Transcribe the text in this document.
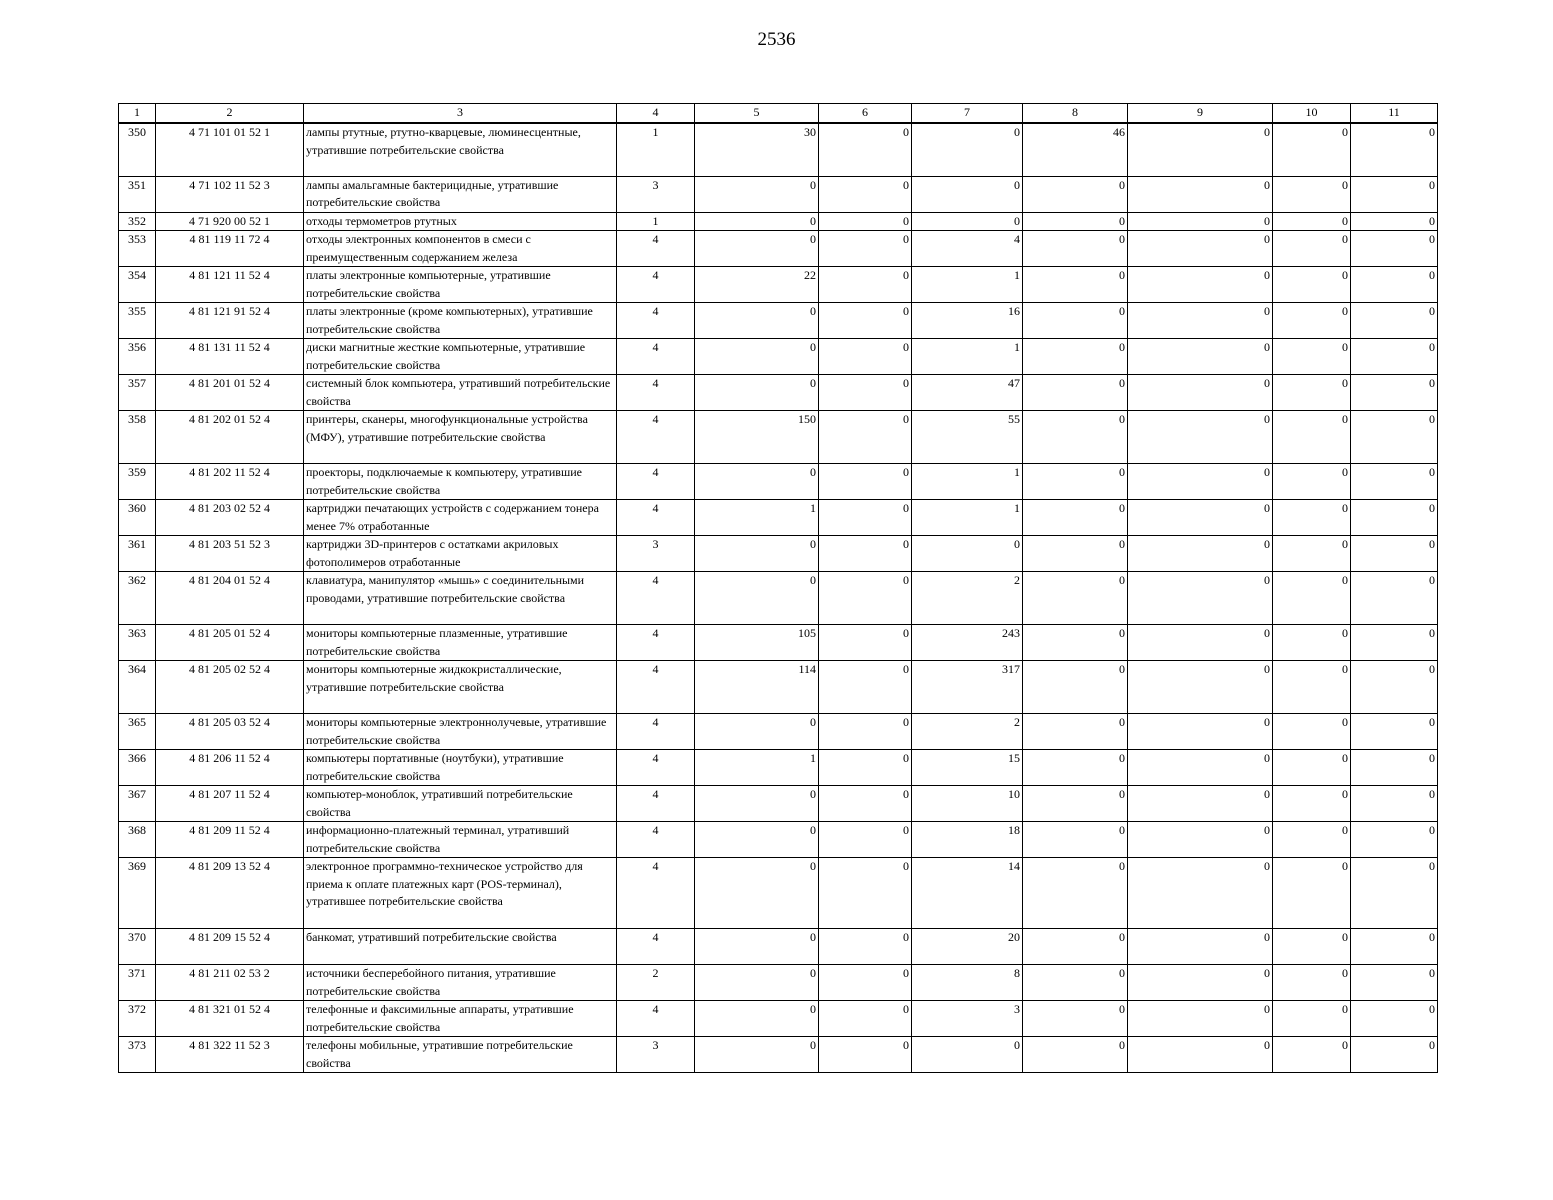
2536
1	2	3	4	5	6	7	8	9	10	11
350	4 71 101 01 52 1	лампы ртутные, ртутно-кварцевые, люминесцентные, утратившие потребительские свойства	1	30	0	0	46	0	0	0
351	4 71 102 11 52 3	лампы амальгамные бактерицидные, утратившие потребительские свойства	3	0	0	0	0	0	0	0
352	4 71 920 00 52 1	отходы термометров ртутных	1	0	0	0	0	0	0	0
353	4 81 119 11 72 4	отходы электронных компонентов в смеси с преимущественным содержанием железа	4	0	0	4	0	0	0	0
354	4 81 121 11 52 4	платы электронные компьютерные, утратившие потребительские свойства	4	22	0	1	0	0	0	0
355	4 81 121 91 52 4	платы электронные (кроме компьютерных), утратившие потребительские свойства	4	0	0	16	0	0	0	0
356	4 81 131 11 52 4	диски магнитные жесткие компьютерные, утратившие потребительские свойства	4	0	0	1	0	0	0	0
357	4 81 201 01 52 4	системный блок компьютера, утративший потребительские свойства	4	0	0	47	0	0	0	0
358	4 81 202 01 52 4	принтеры, сканеры, многофункциональные устройства (МФУ), утратившие потребительские свойства	4	150	0	55	0	0	0	0
359	4 81 202 11 52 4	проекторы, подключаемые к компьютеру, утратившие потребительские свойства	4	0	0	1	0	0	0	0
360	4 81 203 02 52 4	картриджи печатающих устройств с содержанием тонера менее 7% отработанные	4	1	0	1	0	0	0	0
361	4 81 203 51 52 3	картриджи 3D-принтеров с остатками акриловых фотополимеров отработанные	3	0	0	0	0	0	0	0
362	4 81 204 01 52 4	клавиатура, манипулятор «мышь» с соединительными проводами, утратившие потребительские свойства	4	0	0	2	0	0	0	0
363	4 81 205 01 52 4	мониторы компьютерные плазменные, утратившие потребительские свойства	4	105	0	243	0	0	0	0
364	4 81 205 02 52 4	мониторы компьютерные жидкокристаллические, утратившие потребительские свойства	4	114	0	317	0	0	0	0
365	4 81 205 03 52 4	мониторы компьютерные электроннолучевые, утратившие потребительские свойства	4	0	0	2	0	0	0	0
366	4 81 206 11 52 4	компьютеры портативные (ноутбуки), утратившие потребительские свойства	4	1	0	15	0	0	0	0
367	4 81 207 11 52 4	компьютер-моноблок, утративший потребительские свойства	4	0	0	10	0	0	0	0
368	4 81 209 11 52 4	информационно-платежный терминал, утративший потребительские свойства	4	0	0	18	0	0	0	0
369	4 81 209 13 52 4	электронное программно-техническое устройство для приема к оплате платежных карт (POS-терминал), утратившее потребительские свойства	4	0	0	14	0	0	0	0
370	4 81 209 15 52 4	банкомат, утративший потребительские свойства	4	0	0	20	0	0	0	0
371	4 81 211 02 53 2	источники бесперебойного питания, утратившие потребительские свойства	2	0	0	8	0	0	0	0
372	4 81 321 01 52 4	телефонные и факсимильные аппараты, утратившие потребительские свойства	4	0	0	3	0	0	0	0
373	4 81 322 11 52 3	телефоны мобильные, утратившие потребительские свойства	3	0	0	0	0	0	0	0
